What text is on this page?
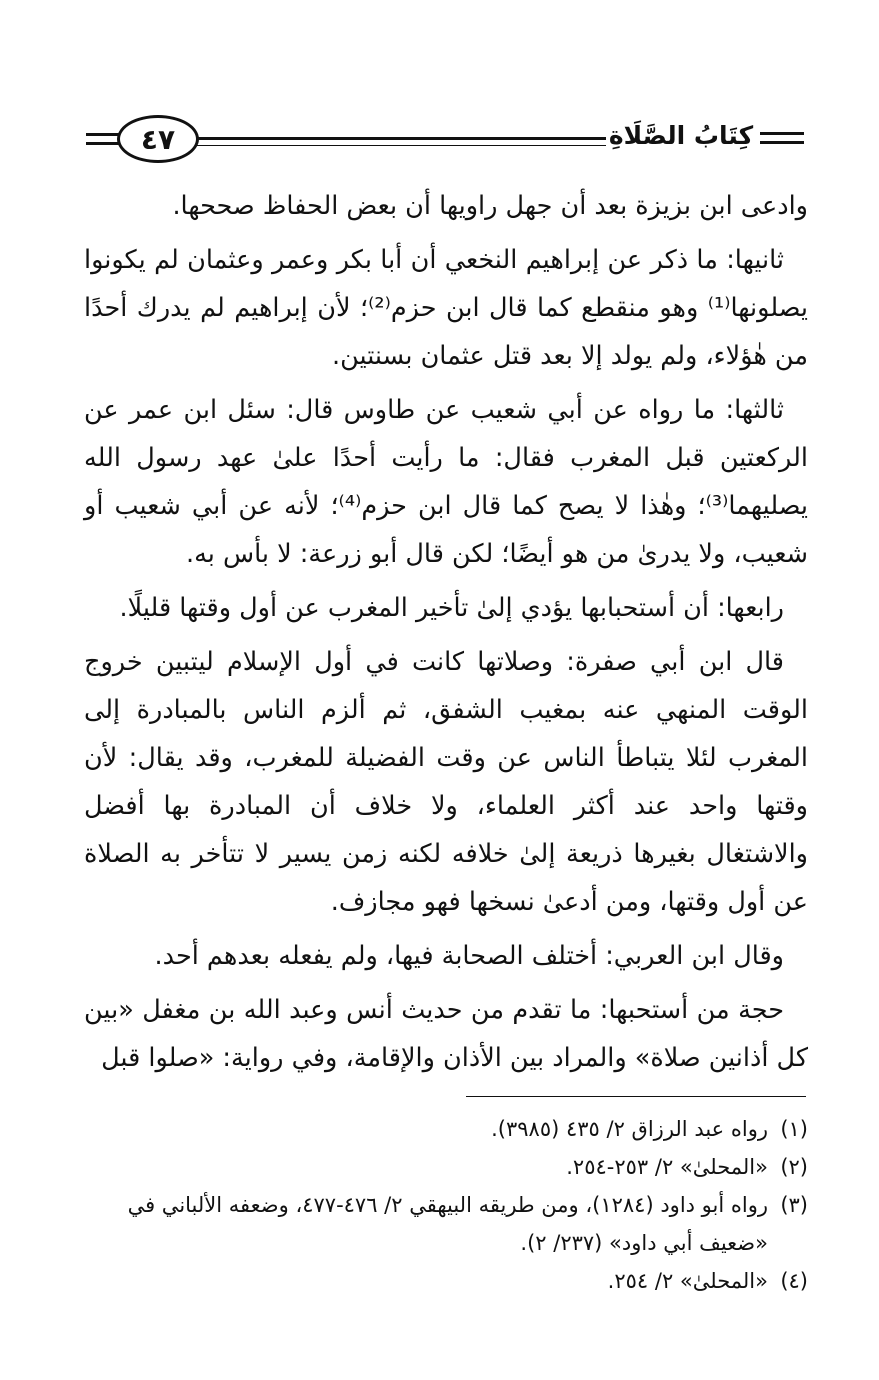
٤٧	كِتَابُ الصَّلَاةِ

وادعى ابن بزيزة بعد أن جهل راويها أن بعض الحفاظ صححها.

ثانيها: ما ذكر عن إبراهيم النخعي أن أبا بكر وعمر وعثمان لم يكونوا يصلونها⁽¹⁾ وهو منقطع كما قال ابن حزم⁽²⁾؛ لأن إبراهيم لم يدرك أحدًا من هٰؤلاء، ولم يولد إلا بعد قتل عثمان بسنتين.

ثالثها: ما رواه عن أبي شعيب عن طاوس قال: سئل ابن عمر عن الركعتين قبل المغرب فقال: ما رأيت أحدًا علىٰ عهد رسول الله يصليهما⁽³⁾؛ وهٰذا لا يصح كما قال ابن حزم⁽⁴⁾؛ لأنه عن أبي شعيب أو شعيب، ولا يدرىٰ من هو أيضًا؛ لكن قال أبو زرعة: لا بأس به.

رابعها: أن أستحبابها يؤدي إلىٰ تأخير المغرب عن أول وقتها قليلًا.

قال ابن أبي صفرة: وصلاتها كانت في أول الإسلام ليتبين خروج الوقت المنهي عنه بمغيب الشفق، ثم ألزم الناس بالمبادرة إلى المغرب لئلا يتباطأ الناس عن وقت الفضيلة للمغرب، وقد يقال: لأن وقتها واحد عند أكثر العلماء، ولا خلاف أن المبادرة بها أفضل والاشتغال بغيرها ذريعة إلىٰ خلافه لكنه زمن يسير لا تتأخر به الصلاة عن أول وقتها، ومن أدعىٰ نسخها فهو مجازف.

وقال ابن العربي: أختلف الصحابة فيها، ولم يفعله بعدهم أحد.

حجة من أستحبها: ما تقدم من حديث أنس وعبد الله بن مغفل «بين كل أذانين صلاة» والمراد بين الأذان والإقامة، وفي رواية: «صلوا قبل

(١)
رواه عبد الرزاق ٢/ ٤٣٥ (٣٩٨٥).
(٢)
«المحلىٰ» ٢/ ٢٥٣-٢٥٤.
(٣)
رواه أبو داود (١٢٨٤)، ومن طريقه البيهقي ٢/ ٤٧٦-٤٧٧، وضعفه الألباني في «ضعيف أبي داود» (٢٣٧/ ٢).
(٤)
«المحلىٰ» ٢/ ٢٥٤.
